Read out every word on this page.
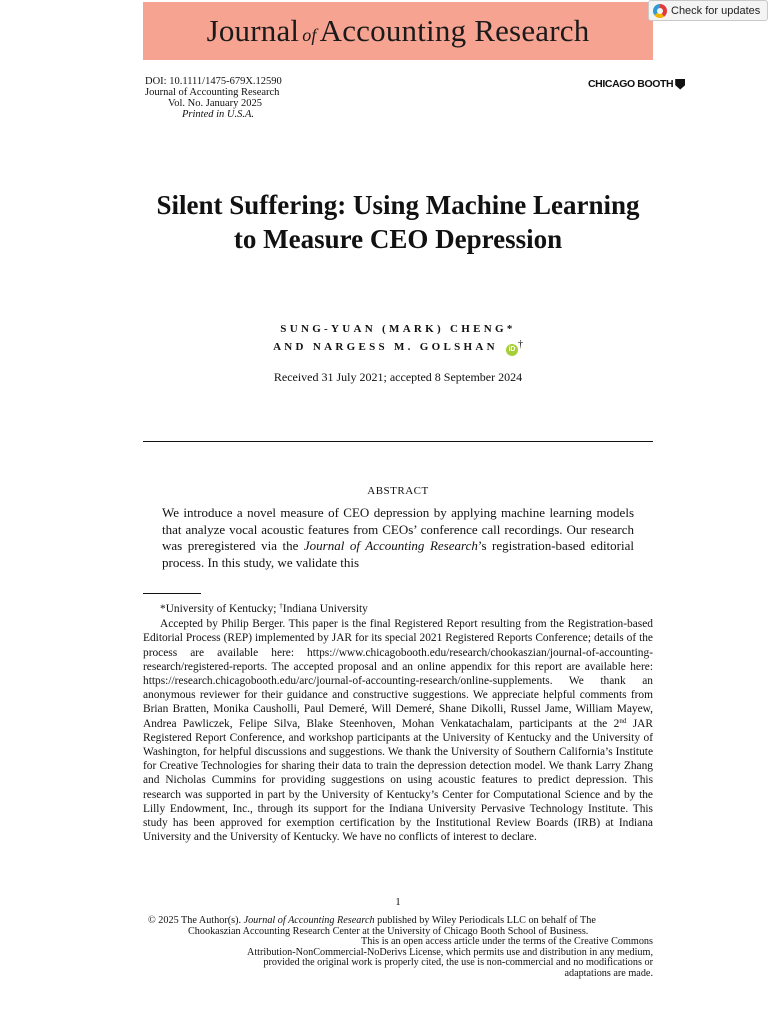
Journal ofAccounting Research
Check for updates
DOI: 10.1111/1475-679X.12590
Journal of Accounting Research
Vol. No. January 2025
Printed in U.S.A.
CHICAGO BOOTH
Silent Suffering: Using Machine Learning to Measure CEO Depression
SUNG-YUAN (MARK) CHENG*
AND NARGESS M. GOLSHAN iD †
Received 31 July 2021; accepted 8 September 2024
ABSTRACT
We introduce a novel measure of CEO depression by applying machine learning models that analyze vocal acoustic features from CEOs’ conference call recordings. Our research was preregistered via the Journal of Accounting Research’s registration-based editorial process. In this study, we validate this
*University of Kentucky; †Indiana University
Accepted by Philip Berger. This paper is the final Registered Report resulting from the Registration-based Editorial Process (REP) implemented by JAR for its special 2021 Registered Reports Conference; details of the process are available here: https://www.chicagobooth.edu/research/chookaszian/journal-of-accounting-research/registered-reports. The accepted proposal and an online appendix for this report are available here: https://research.chicagobooth.edu/arc/journal-of-accounting-research/online-supplements. We thank an anonymous reviewer for their guidance and constructive suggestions. We appreciate helpful comments from Brian Bratten, Monika Causholli, Paul Demeré, Will Demeré, Shane Dikolli, Russel Jame, William Mayew, Andrea Pawliczek, Felipe Silva, Blake Steenhoven, Mohan Venkatachalam, participants at the 2nd JAR Registered Report Conference, and workshop participants at the University of Kentucky and the University of Washington, for helpful discussions and suggestions. We thank the University of Southern California’s Institute for Creative Technologies for sharing their data to train the depression detection model. We thank Larry Zhang and Nicholas Cummins for providing suggestions on using acoustic features to predict depression. This research was supported in part by the University of Kentucky’s Center for Computational Science and by the Lilly Endowment, Inc., through its support for the Indiana University Pervasive Technology Institute. This study has been approved for exemption certification by the Institutional Review Boards (IRB) at Indiana University and the University of Kentucky. We have no conflicts of interest to declare.
1
© 2025 The Author(s). Journal of Accounting Research published by Wiley Periodicals LLC on behalf of The
Chookaszian Accounting Research Center at the University of Chicago Booth School of Business.
This is an open access article under the terms of the Creative Commons
Attribution-NonCommercial-NoDerivs License, which permits use and distribution in any medium,
provided the original work is properly cited, the use is non-commercial and no modifications or
adaptations are made.
